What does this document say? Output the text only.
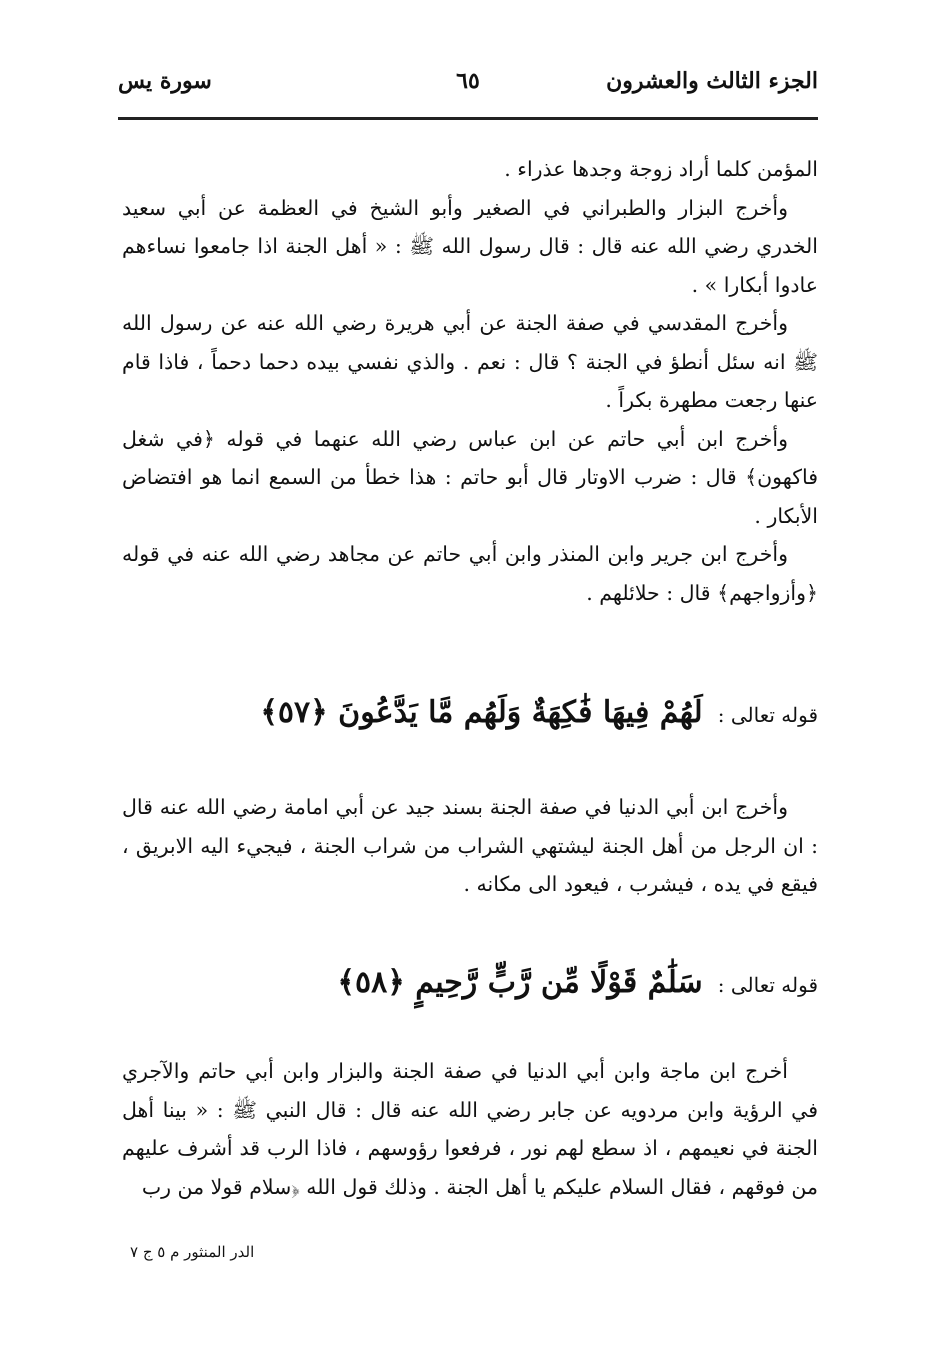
الجزء الثالث والعشرون
٦٥
سورة يس
المؤمن كلما أراد زوجة وجدها عذراء .
وأخرج البزار والطبراني في الصغير وأبو الشيخ في العظمة عن أبي سعيد الخدري رضي الله عنه قال : قال رسول الله ﷺ : « أهل الجنة اذا جامعوا نساءهم عادوا أبكارا » .
وأخرج المقدسي في صفة الجنة عن أبي هريرة رضي الله عنه عن رسول الله ﷺ انه سئل أنطؤ في الجنة ؟ قال : نعم . والذي نفسي بيده دحما دحماً ، فاذا قام عنها رجعت مطهرة بكراً .
وأخرج ابن أبي حاتم عن ابن عباس رضي الله عنهما في قوله ﴿في شغل فاكهون﴾ قال : ضرب الاوتار قال أبو حاتم : هذا خطأ من السمع انما هو افتضاض الأبكار .
وأخرج ابن جرير وابن المنذر وابن أبي حاتم عن مجاهد رضي الله عنه في قوله ﴿وأزواجهم﴾ قال : حلائلهم .
قوله تعالى : لَهُمْ فِيهَا فَٰكِهَةٌ وَلَهُم مَّا يَدَّعُونَ ﴿٥٧﴾
وأخرج ابن أبي الدنيا في صفة الجنة بسند جيد عن أبي امامة رضي الله عنه قال : ان الرجل من أهل الجنة ليشتهي الشراب من شراب الجنة ، فيجيء اليه الابريق ، فيقع في يده ، فيشرب ، فيعود الى مكانه .
قوله تعالى : سَلَٰمٌ قَوْلًا مِّن رَّبٍّ رَّحِيمٍ ﴿٥٨﴾
أخرج ابن ماجة وابن أبي الدنيا في صفة الجنة والبزار وابن أبي حاتم والآجري في الرؤية وابن مردويه عن جابر رضي الله عنه قال : قال النبي ﷺ : « بينا أهل الجنة في نعيمهم ، اذ سطع لهم نور ، فرفعوا رؤوسهم ، فاذا الرب قد أشرف عليهم من فوقهم ، فقال السلام عليكم يا أهل الجنة . وذلك قول الله ﴿سلام قولا من رب
الدر المنثور م ٥ ج ٧
